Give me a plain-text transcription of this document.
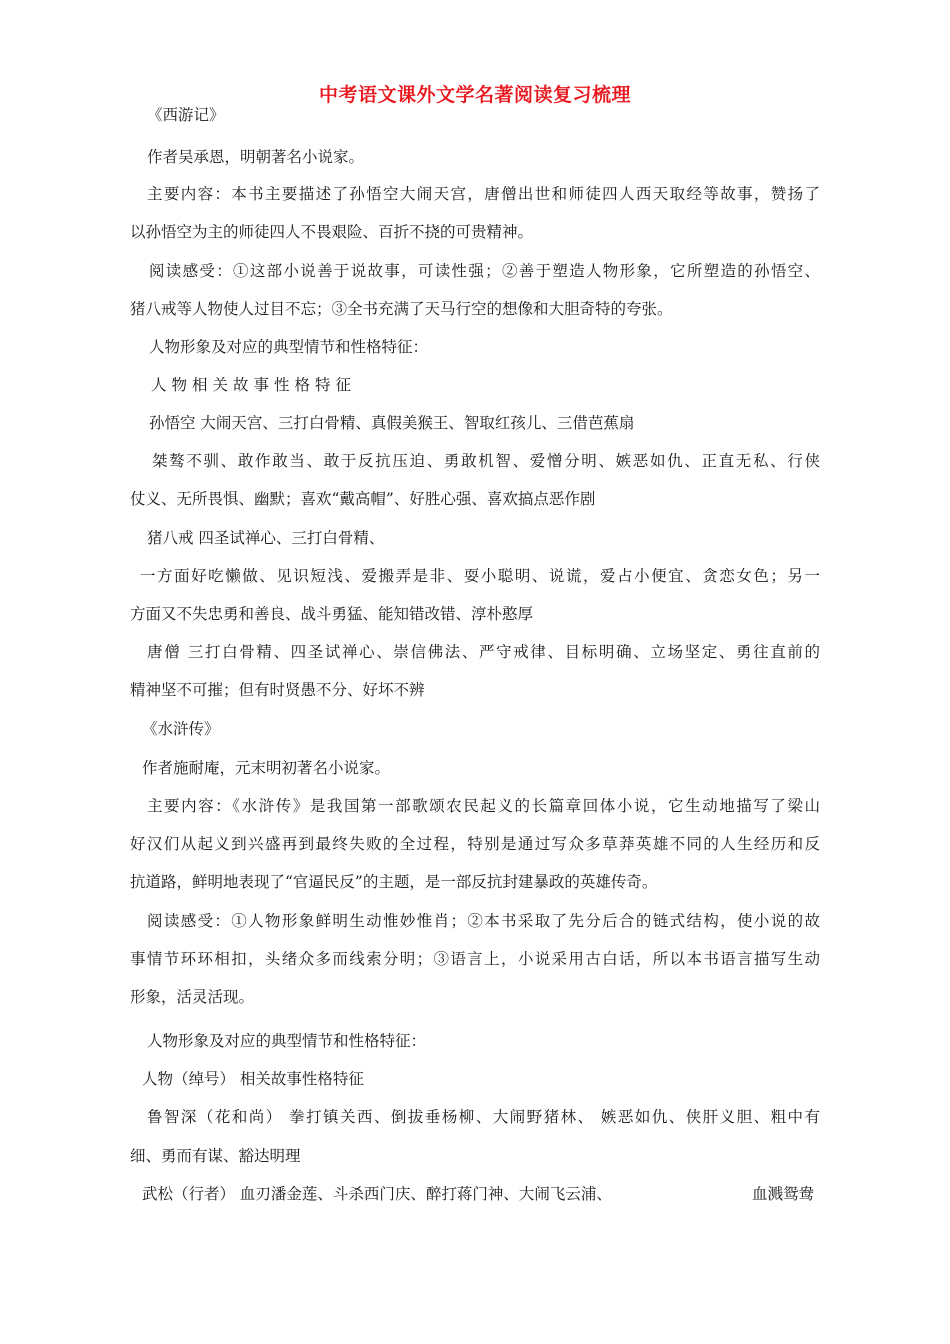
中考语文课外文学名著阅读复习梳理
《西游记》
作者吴承恩，明朝著名小说家。
主要内容：本书主要描述了孙悟空大闹天宫，唐僧出世和师徒四人西天取经等故事，赞扬了
以孙悟空为主的师徒四人不畏艰险、百折不挠的可贵精神。
阅读感受：①这部小说善于说故事，可读性强；②善于塑造人物形象，它所塑造的孙悟空、
猪八戒等人物使人过目不忘；③全书充满了天马行空的想像和大胆奇特的夸张。
人物形象及对应的典型情节和性格特征：
人物相关故事性格特征
孙悟空 大闹天宫、三打白骨精、真假美猴王、智取红孩儿、三借芭蕉扇
桀骜不驯、敢作敢当、敢于反抗压迫、勇敢机智、爱憎分明、嫉恶如仇、正直无私、行侠
仗义、无所畏惧、幽默；喜欢“戴高帽”、好胜心强、喜欢搞点恶作剧
猪八戒 四圣试禅心、三打白骨精、
一方面好吃懒做、见识短浅、爱搬弄是非、耍小聪明、说谎，爱占小便宜、贪恋女色；另一
方面又不失忠勇和善良、战斗勇猛、能知错改错、淳朴憨厚
唐僧 三打白骨精、四圣试禅心、崇信佛法、严守戒律、目标明确、立场坚定、勇往直前的
精神坚不可摧；但有时贤愚不分、好坏不辨
《水浒传》
作者施耐庵，元末明初著名小说家。
主要内容：《水浒传》是我国第一部歌颂农民起义的长篇章回体小说，它生动地描写了梁山
好汉们从起义到兴盛再到最终失败的全过程，特别是通过写众多草莽英雄不同的人生经历和反
抗道路，鲜明地表现了“官逼民反”的主题，是一部反抗封建暴政的英雄传奇。
阅读感受：①人物形象鲜明生动惟妙惟肖；②本书采取了先分后合的链式结构，使小说的故
事情节环环相扣，头绪众多而线索分明；③语言上，小说采用古白话，所以本书语言描写生动
形象，活灵活现。
人物形象及对应的典型情节和性格特征：
人物（绰号） 相关故事性格特征
鲁智深（花和尚） 拳打镇关西、倒拔垂杨柳、大闹野猪林、 嫉恶如仇、侠肝义胆、粗中有
细、勇而有谋、豁达明理
武松（行者） 血刃潘金莲、斗杀西门庆、醉打蒋门神、大闹飞云浦、	血溅鸳鸯
